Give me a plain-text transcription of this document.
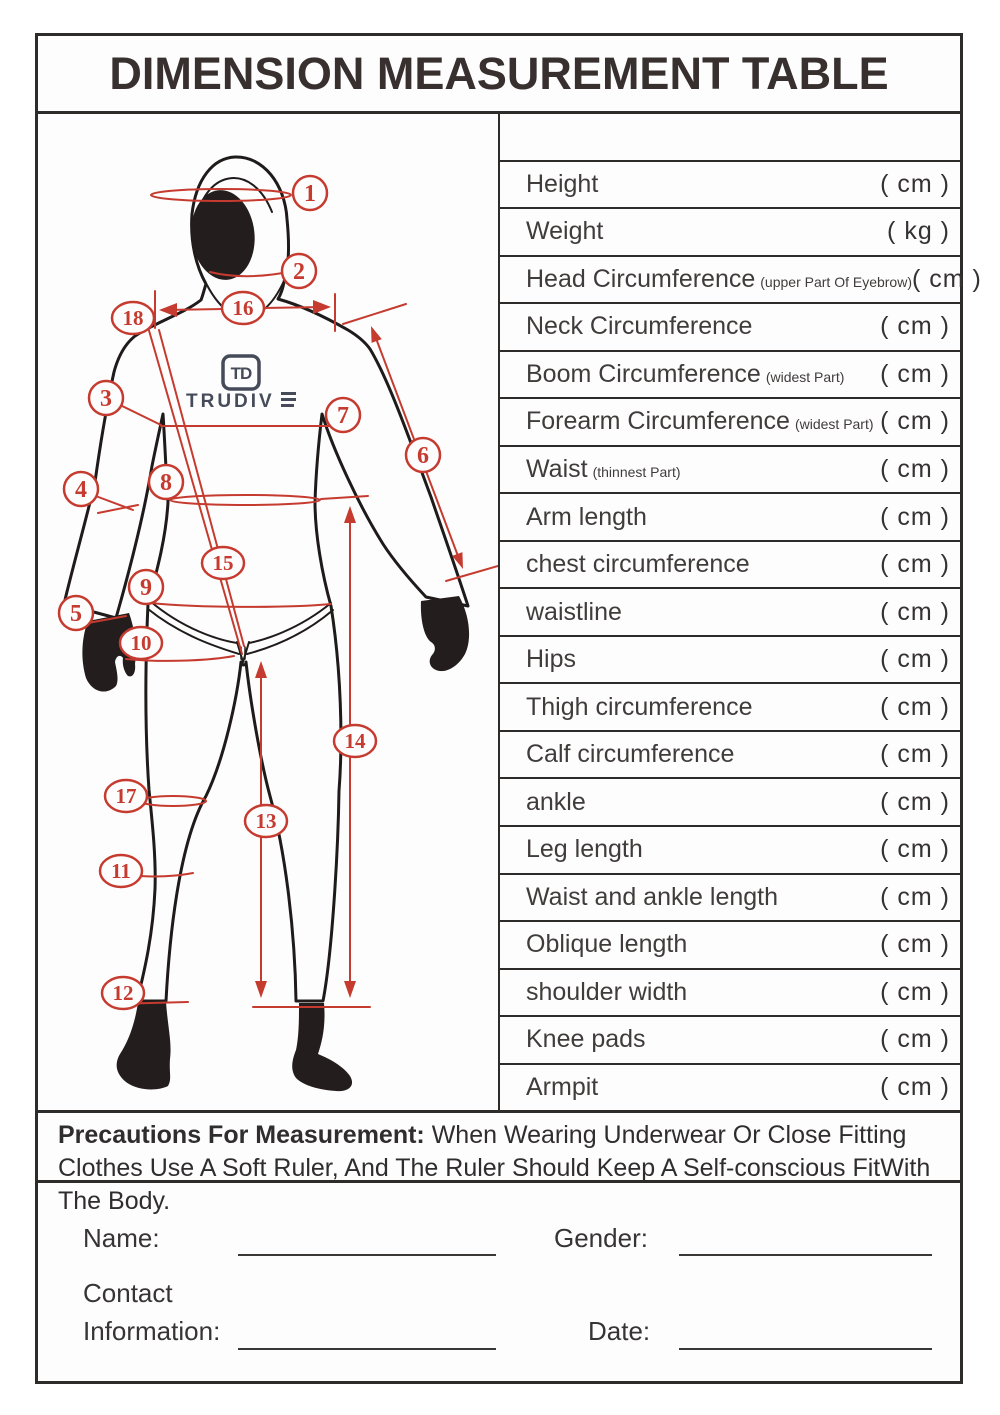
DIMENSION MEASUREMENT TABLE
TD
TRUDIV
1
2
3
4
5
6
7
8
9
10
11
12
13
14
15
16
17
18
Height	( cm )
Weight	( kg )
Head Circumference (upper Part Of Eyebrow) ( cm )
Neck Circumference	( cm )
Boom Circumference (widest Part) ( cm )
Forearm Circumference (widest Part) ( cm )
Waist (thinnest Part)	( cm )
Arm length	( cm )
chest circumference	( cm )
waistline	( cm )
Hips	( cm )
Thigh circumference	( cm )
Calf circumference	( cm )
ankle	( cm )
Leg length	( cm )
Waist and ankle length	( cm )
Oblique length	( cm )
shoulder width	( cm )
Knee pads	( cm )
Armpit	( cm )
Precautions For Measurement: When Wearing Underwear Or Close Fitting Clothes Use A Soft Ruler, And The Ruler Should Keep A Self-conscious FitWith The Body.
Name:	Gender:
Contact
Information:	Date:
